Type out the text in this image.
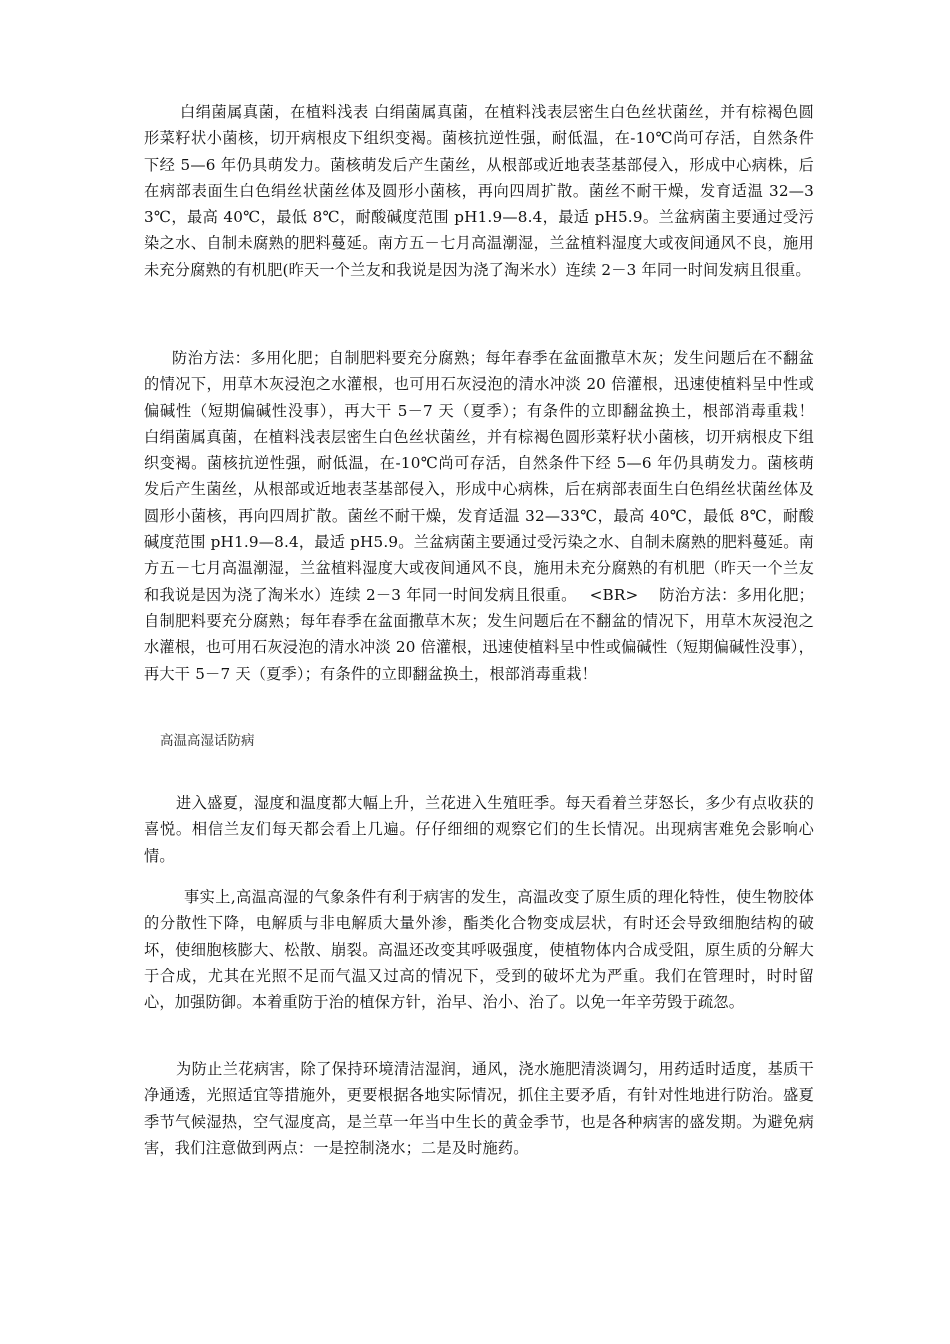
白绢菌属真菌，在植料浅表 白绢菌属真菌，在植料浅表层密生白色丝状菌丝，并有棕褐色圆形菜籽状小菌核，切开病根皮下组织变褐。菌核抗逆性强，耐低温，在-10℃尚可存活，自然条件下经 5—6 年仍具萌发力。菌核萌发后产生菌丝，从根部或近地表茎基部侵入，形成中心病株，后在病部表面生白色绢丝状菌丝体及圆形小菌核，再向四周扩散。菌丝不耐干燥，发育适温 32—33℃，最高 40℃，最低 8℃，耐酸碱度范围 pH1.9—8.4，最适 pH5.9。兰盆病菌主要通过受污染之水、自制未腐熟的肥料蔓延。南方五－七月高温潮湿，兰盆植料湿度大或夜间通风不良，施用未充分腐熟的有机肥(昨天一个兰友和我说是因为浇了淘米水）连续 2－3 年同一时间发病且很重。

防治方法：多用化肥；自制肥料要充分腐熟；每年春季在盆面撒草木灰；发生问题后在不翻盆的情况下，用草木灰浸泡之水灌根，也可用石灰浸泡的清水冲淡 20 倍灌根，迅速使植料呈中性或偏碱性（短期偏碱性没事），再大干 5－7 天（夏季）；有条件的立即翻盆换土，根部消毒重栽！　 白绢菌属真菌，在植料浅表层密生白色丝状菌丝，并有棕褐色圆形菜籽状小菌核，切开病根皮下组织变褐。菌核抗逆性强，耐低温，在-10℃尚可存活，自然条件下经 5—6 年仍具萌发力。菌核萌发后产生菌丝，从根部或近地表茎基部侵入，形成中心病株，后在病部表面生白色绢丝状菌丝体及圆形小菌核，再向四周扩散。菌丝不耐干燥，发育适温 32—33℃，最高 40℃，最低 8℃，耐酸碱度范围 pH1.9—8.4，最适 pH5.9。兰盆病菌主要通过受污染之水、自制未腐熟的肥料蔓延。南方五－七月高温潮湿，兰盆植料湿度大或夜间通风不良，施用未充分腐熟的有机肥（昨天一个兰友和我说是因为浇了淘米水）连续 2－3 年同一时间发病且很重。　 <BR>　 防治方法：多用化肥；自制肥料要充分腐熟；每年春季在盆面撒草木灰；发生问题后在不翻盆的情况下，用草木灰浸泡之水灌根，也可用石灰浸泡的清水冲淡 20 倍灌根，迅速使植料呈中性或偏碱性（短期偏碱性没事），再大干 5－7 天（夏季）；有条件的立即翻盆换土，根部消毒重栽！

高温高湿话防病

进入盛夏，湿度和温度都大幅上升，兰花进入生殖旺季。每天看着兰芽怒长，多少有点收获的喜悦。相信兰友们每天都会看上几遍。仔仔细细的观察它们的生长情况。出现病害难免会影响心情。

事实上,高温高湿的气象条件有利于病害的发生，高温改变了原生质的理化特性，使生物胶体的分散性下降，电解质与非电解质大量外渗，酯类化合物变成层状，有时还会导致细胞结构的破坏，使细胞核膨大、松散、崩裂。高温还改变其呼吸强度，使植物体内合成受阻，原生质的分解大于合成，尤其在光照不足而气温又过高的情况下，受到的破坏尤为严重。我们在管理时，时时留心，加强防御。本着重防于治的植保方针，治早、治小、治了。以免一年辛劳毁于疏忽。

为防止兰花病害，除了保持环境清洁湿润，通风，浇水施肥清淡调匀，用药适时适度，基质干净通透，光照适宜等措施外，更要根据各地实际情况，抓住主要矛盾，有针对性地进行防治。盛夏季节气候湿热，空气湿度高，是兰草一年当中生长的黄金季节，也是各种病害的盛发期。为避免病害，我们注意做到两点：一是控制浇水；二是及时施药。
